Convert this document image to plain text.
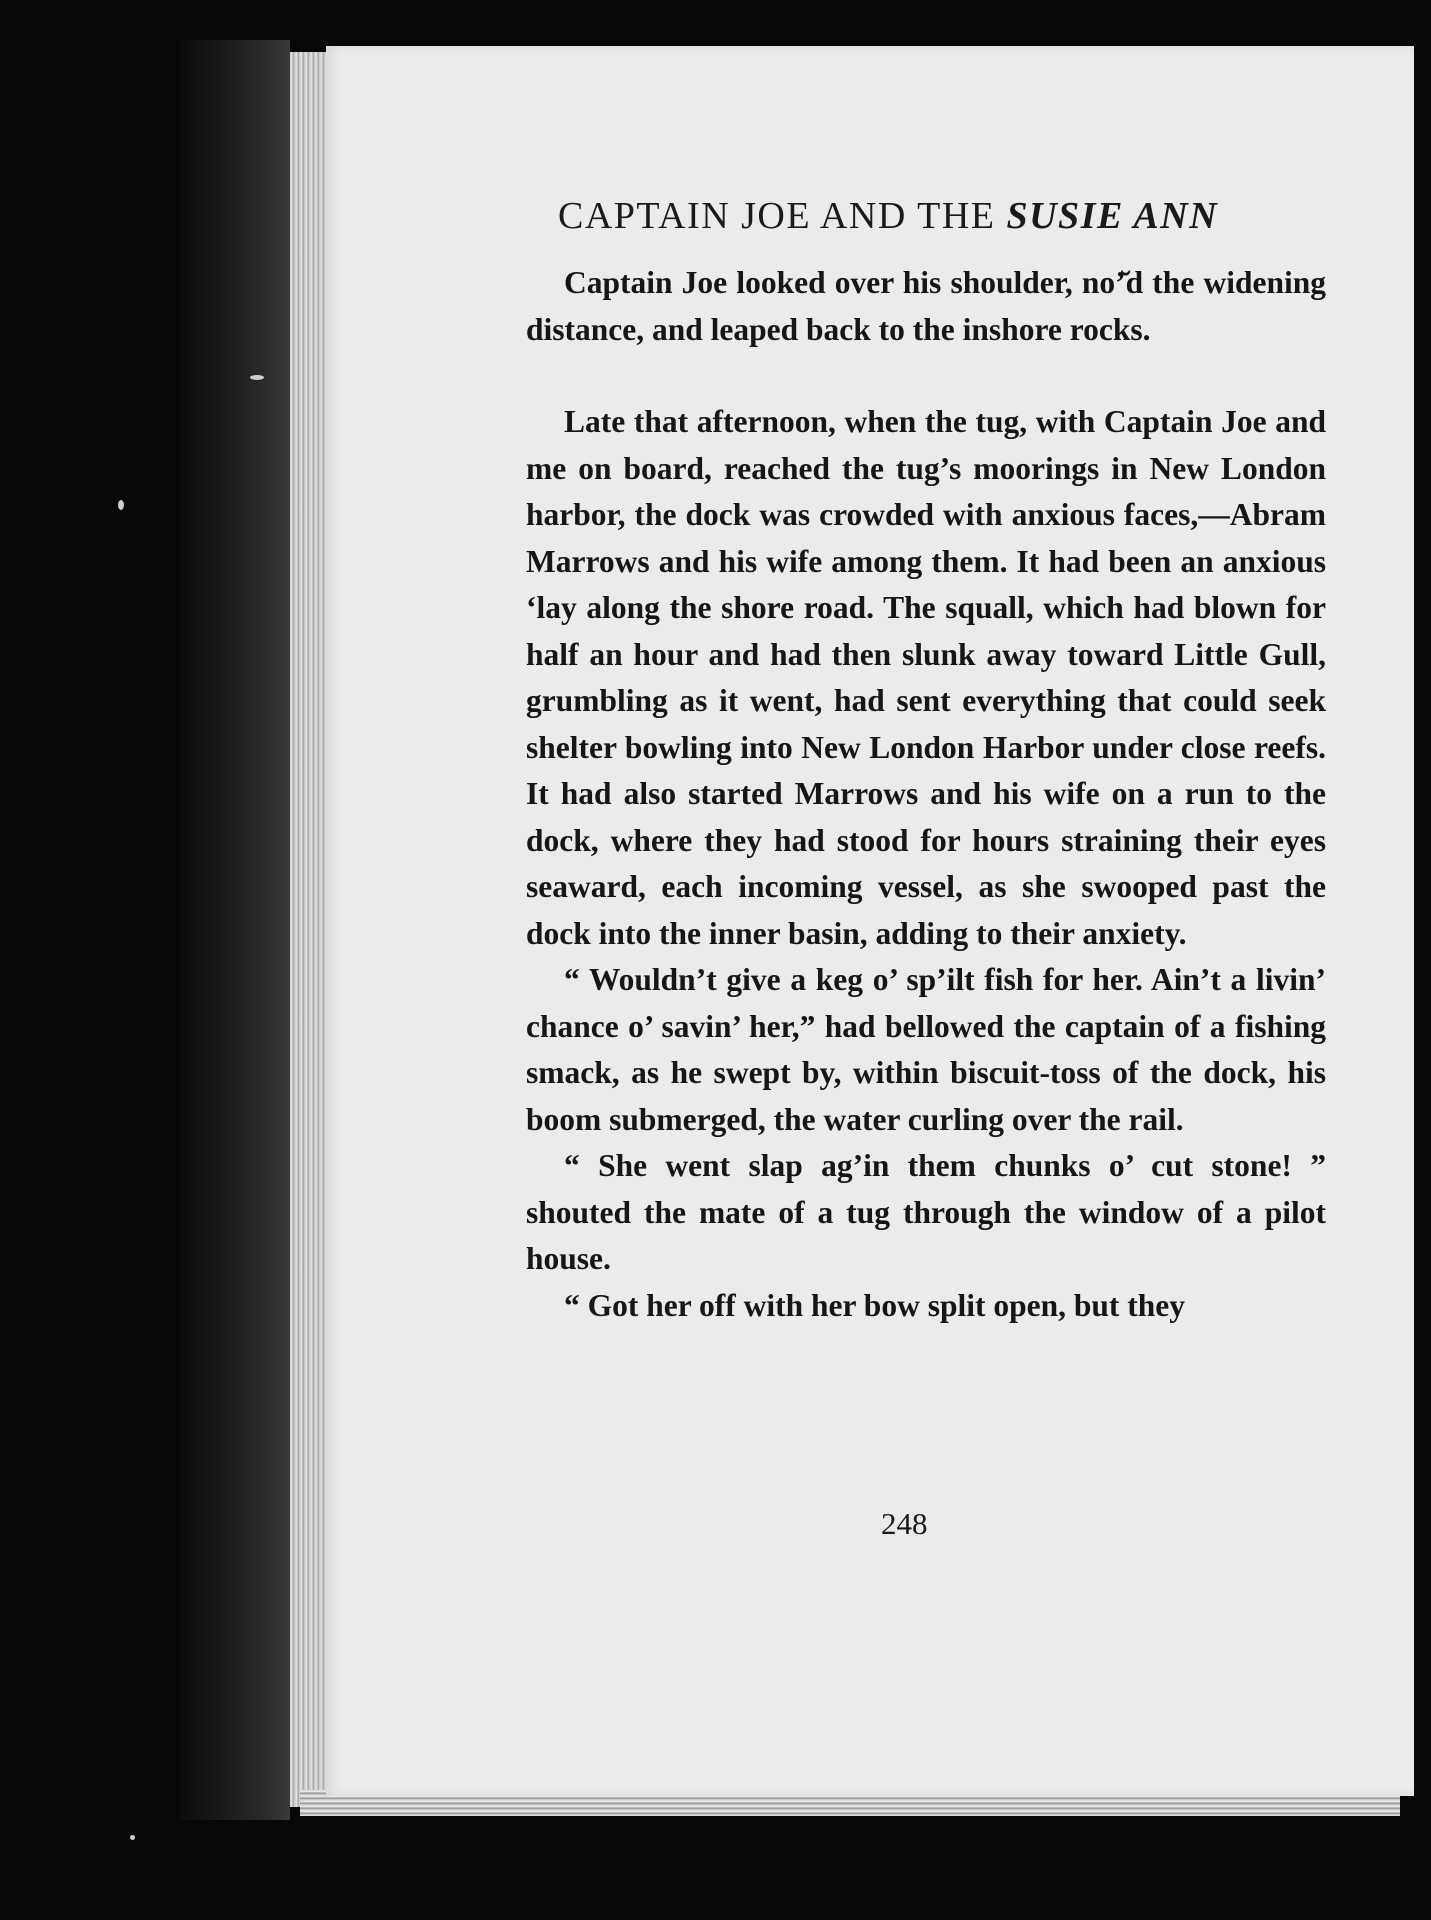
CAPTAIN JOE AND THE SUSIE ANN

Captain Joe looked over his shoulder, no’̆d the widening distance, and leaped back to the inshore rocks.

Late that afternoon, when the tug, with Captain Joe and me on board, reached the tug’s moorings in New London harbor, the dock was crowded with anxious faces,—Abram Marrows and his wife among them. It had been an anxious ‘lay along the shore road. The squall, which had blown for half an hour and had then slunk away toward Little Gull, grumbling as it went, had sent everything that could seek shelter bowling into New London Harbor under close reefs. It had also started Marrows and his wife on a run to the dock, where they had stood for hours straining their eyes seaward, each incoming vessel, as she swooped past the dock into the inner basin, adding to their anxiety.

“ Wouldn’t give a keg o’ sp’ilt fish for her. Ain’t a livin’ chance o’ savin’ her,” had bellowed the captain of a fishing smack, as he swept by, within biscuit-toss of the dock, his boom submerged, the water curling over the rail.

“ She went slap ag’in them chunks o’ cut stone! ” shouted the mate of a tug through the window of a pilot house.

“ Got her off with her bow split open, but they

248
